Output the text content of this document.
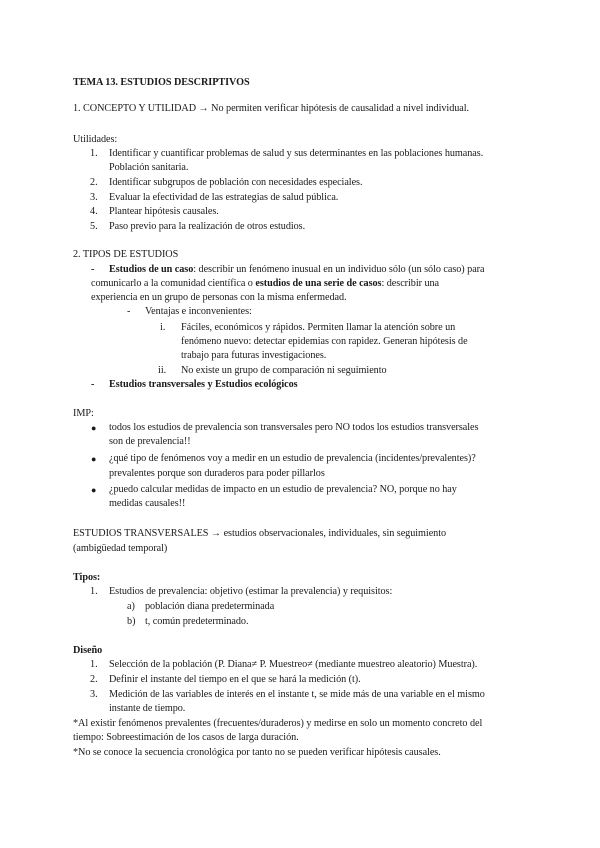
TEMA 13. ESTUDIOS DESCRIPTIVOS
1. CONCEPTO Y UTILIDAD → No permiten verificar hipótesis de causalidad a nivel individual.
Utilidades:
1. Identificar y cuantificar problemas de salud y sus determinantes en las poblaciones humanas.
Población sanitaria.
2. Identificar subgrupos de población con necesidades especiales.
3. Evaluar la efectividad de las estrategias de salud pública.
4. Plantear hipótesis causales.
5. Paso previo para la realización de otros estudios.
2. TIPOS DE ESTUDIOS
- Estudios de un caso: describir un fenómeno inusual en un individuo sólo (un sólo caso) para
comunicarlo a la comunidad científica o estudios de una serie de casos: describir una
experiencia en un grupo de personas con la misma enfermedad.
- Ventajas e inconvenientes:
i. Fáciles, económicos y rápidos. Permiten llamar la atención sobre un
fenómeno nuevo: detectar epidemias con rapidez. Generan hipótesis de
trabajo para futuras investigaciones.
ii. No existe un grupo de comparación ni seguimiento
- Estudios transversales y Estudios ecológicos
IMP:
● todos los estudios de prevalencia son transversales pero NO todos los estudios transversales
son de prevalencia!!
● ¿qué tipo de fenómenos voy a medir en un estudio de prevalencia (incidentes/prevalentes)?
prevalentes porque son duraderos para poder pillarlos
● ¿puedo calcular medidas de impacto en un estudio de prevalencia? NO, porque no hay
medidas causales!!
ESTUDIOS TRANSVERSALES → estudios observacionales, individuales, sin seguimiento
(ambigüedad temporal)
Tipos:
1. Estudios de prevalencia: objetivo (estimar la prevalencia) y requisitos:
a) población diana predeterminada
b) t, común predeterminado.
Diseño
1. Selección de la población (P. Diana≠ P. Muestreo≠ (mediante muestreo aleatorio) Muestra).
2. Definir el instante del tiempo en el que se hará la medición (t).
3. Medición de las variables de interés en el instante t, se mide más de una variable en el mismo
instante de tiempo.
*Al existir fenómenos prevalentes (frecuentes/duraderos) y medirse en solo un momento concreto del
tiempo: Sobreestimación de los casos de larga duración.
*No se conoce la secuencia cronológica por tanto no se pueden verificar hipótesis causales.
